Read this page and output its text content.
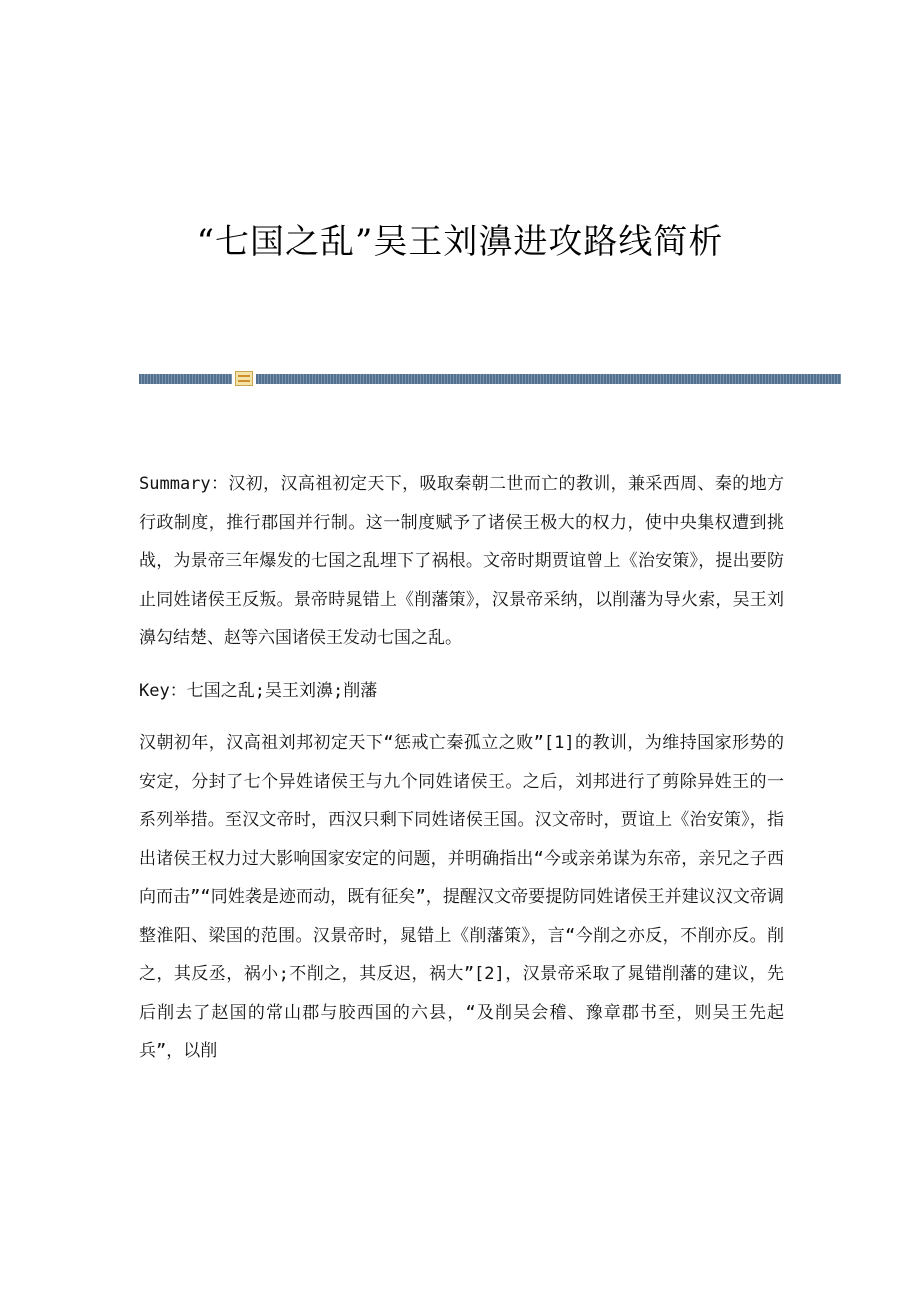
“七国之乱”吴王刘濞进攻路线简析

Summary：汉初，汉高祖初定天下，吸取秦朝二世而亡的教训，兼采西周、秦的地方行政制度，推行郡国并行制。这一制度赋予了诸侯王极大的权力，使中央集权遭到挑战，为景帝三年爆发的七国之乱埋下了祸根。文帝时期贾谊曾上《治安策》，提出要防止同姓诸侯王反叛。景帝時晁错上《削藩策》，汉景帝采纳，以削藩为导火索，吴王刘濞勾结楚、赵等六国诸侯王发动七国之乱。

Key：七国之乱;吴王刘濞;削藩

汉朝初年，汉高祖刘邦初定天下“惩戒亡秦孤立之败”[1]的教训，为维持国家形势的安定，分封了七个异姓诸侯王与九个同姓诸侯王。之后，刘邦进行了剪除异姓王的一系列举措。至汉文帝时，西汉只剩下同姓诸侯王国。汉文帝时，贾谊上《治安策》，指出诸侯王权力过大影响国家安定的问题，并明确指出“今或亲弟谋为东帝，亲兄之子西向而击”“同姓袭是迹而动，既有征矣”，提醒汉文帝要提防同姓诸侯王并建议汉文帝调整淮阳、梁国的范围。汉景帝时，晁错上《削藩策》，言“今削之亦反，不削亦反。削之，其反丞，祸小;不削之，其反迟，祸大”[2]，汉景帝采取了晁错削藩的建议，先后削去了赵国的常山郡与胶西国的六县，“及削吴会稽、豫章郡书至，则吴王先起兵”，以削
